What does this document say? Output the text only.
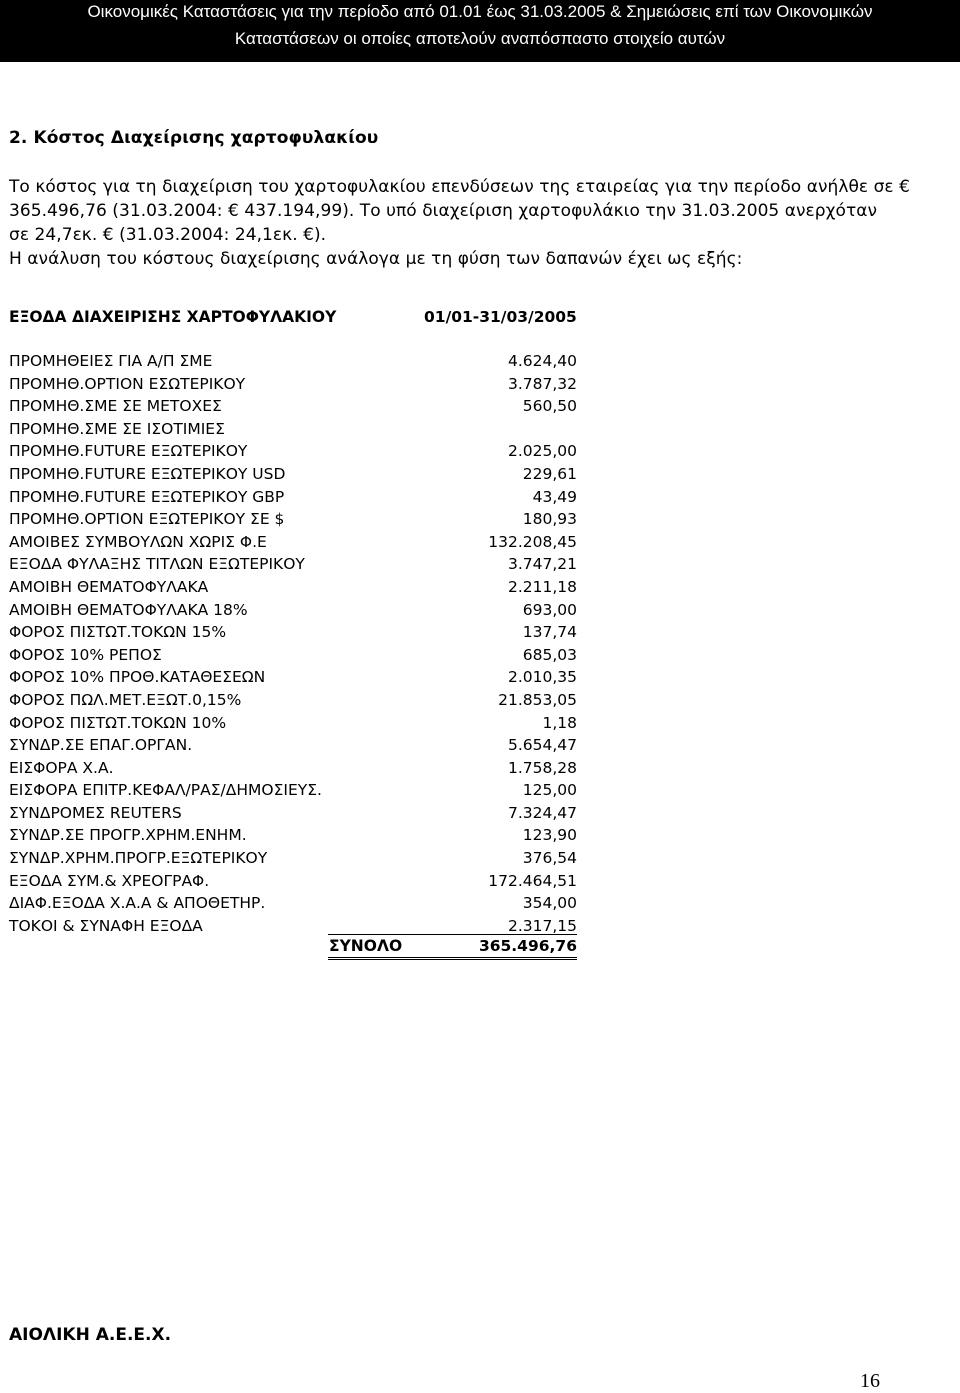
Οικονομικές Καταστάσεις για την περίοδο από 01.01 έως 31.03.2005 & Σημειώσεις επί των Οικονομικών
Καταστάσεων οι οποίες αποτελούν αναπόσπαστο στοιχείο αυτών
2. Κόστος Διαχείρισης χαρτοφυλακίου
Το κόστος για τη διαχείριση του χαρτοφυλακίου επενδύσεων της εταιρείας για την περίοδο ανήλθε σε €
365.496,76 (31.03.2004: € 437.194,99). Το υπό διαχείριση χαρτοφυλάκιο την 31.03.2005 ανερχόταν
σε 24,7εκ. € (31.03.2004: 24,1εκ. €).
Η ανάλυση του κόστους διαχείρισης ανάλογα με τη φύση των δαπανών έχει ως εξής:
ΕΞΟΔΑ ΔΙΑΧΕΙΡΙΣΗΣ ΧΑΡΤΟΦΥΛΑΚΙΟΥ	01/01-31/03/2005
ΠΡΟΜΗΘΕΙΕΣ ΓΙΑ Α/Π ΣΜΕ	4.624,40
ΠΡΟΜΗΘ.OPTION ΕΣΩΤΕΡΙΚΟΥ	3.787,32
ΠΡΟΜΗΘ.ΣΜΕ ΣΕ ΜΕΤΟΧΕΣ	560,50
ΠΡΟΜΗΘ.ΣΜΕ ΣΕ ΙΣΟΤΙΜΙΕΣ
ΠΡΟΜΗΘ.FUTURE ΕΞΩΤΕΡΙΚΟΥ	2.025,00
ΠΡΟΜΗΘ.FUTURE ΕΞΩΤΕΡΙΚΟΥ USD	229,61
ΠΡΟΜΗΘ.FUTURE ΕΞΩΤΕΡΙΚΟΥ GBP	43,49
ΠΡΟΜΗΘ.OPTION ΕΞΩΤΕΡΙΚΟΥ ΣΕ $	180,93
ΑΜΟΙΒΕΣ ΣΥΜΒΟΥΛΩΝ ΧΩΡΙΣ Φ.Ε	132.208,45
ΕΞΟΔΑ ΦΥΛΑΞΗΣ ΤΙΤΛΩΝ ΕΞΩΤΕΡΙΚΟΥ	3.747,21
ΑΜΟΙΒΗ ΘΕΜΑΤΟΦΥΛΑΚΑ	2.211,18
ΑΜΟΙΒΗ ΘΕΜΑΤΟΦΥΛΑΚΑ 18%	693,00
ΦΟΡΟΣ ΠΙΣΤΩΤ.ΤΟΚΩΝ 15%	137,74
ΦΟΡΟΣ 10% ΡΕΠΟΣ	685,03
ΦΟΡΟΣ 10% ΠΡΟΘ.ΚΑΤΑΘΕΣΕΩΝ	2.010,35
ΦΟΡΟΣ ΠΩΛ.ΜΕΤ.ΕΞΩΤ.0,15%	21.853,05
ΦΟΡΟΣ ΠΙΣΤΩΤ.ΤΟΚΩΝ 10%	1,18
ΣΥΝΔΡ.ΣΕ ΕΠΑΓ.ΟΡΓΑΝ.	5.654,47
ΕΙΣΦΟΡΑ Χ.Α.	1.758,28
ΕΙΣΦΟΡΑ ΕΠΙΤΡ.ΚΕΦΑΛ/ΡΑΣ/ΔΗΜΟΣΙΕΥΣ.	125,00
ΣΥΝΔΡΟΜΕΣ REUTERS	7.324,47
ΣΥΝΔΡ.ΣΕ ΠΡΟΓΡ.ΧΡΗΜ.ΕΝΗΜ.	123,90
ΣΥΝΔΡ.ΧΡΗΜ.ΠΡΟΓΡ.ΕΞΩΤΕΡΙΚΟΥ	376,54
ΕΞΟΔΑ ΣΥΜ.& ΧΡΕΟΓΡΑΦ.	172.464,51
ΔΙΑΦ.ΕΞΟΔΑ Χ.Α.Α & ΑΠΟΘΕΤΗΡ.	354,00
ΤΟΚΟΙ & ΣΥΝΑΦΗ ΕΞΟΔΑ	2.317,15
ΣΥΝΟΛΟ	365.496,76
ΑΙΟΛΙΚΗ Α.Ε.Ε.Χ.
16
